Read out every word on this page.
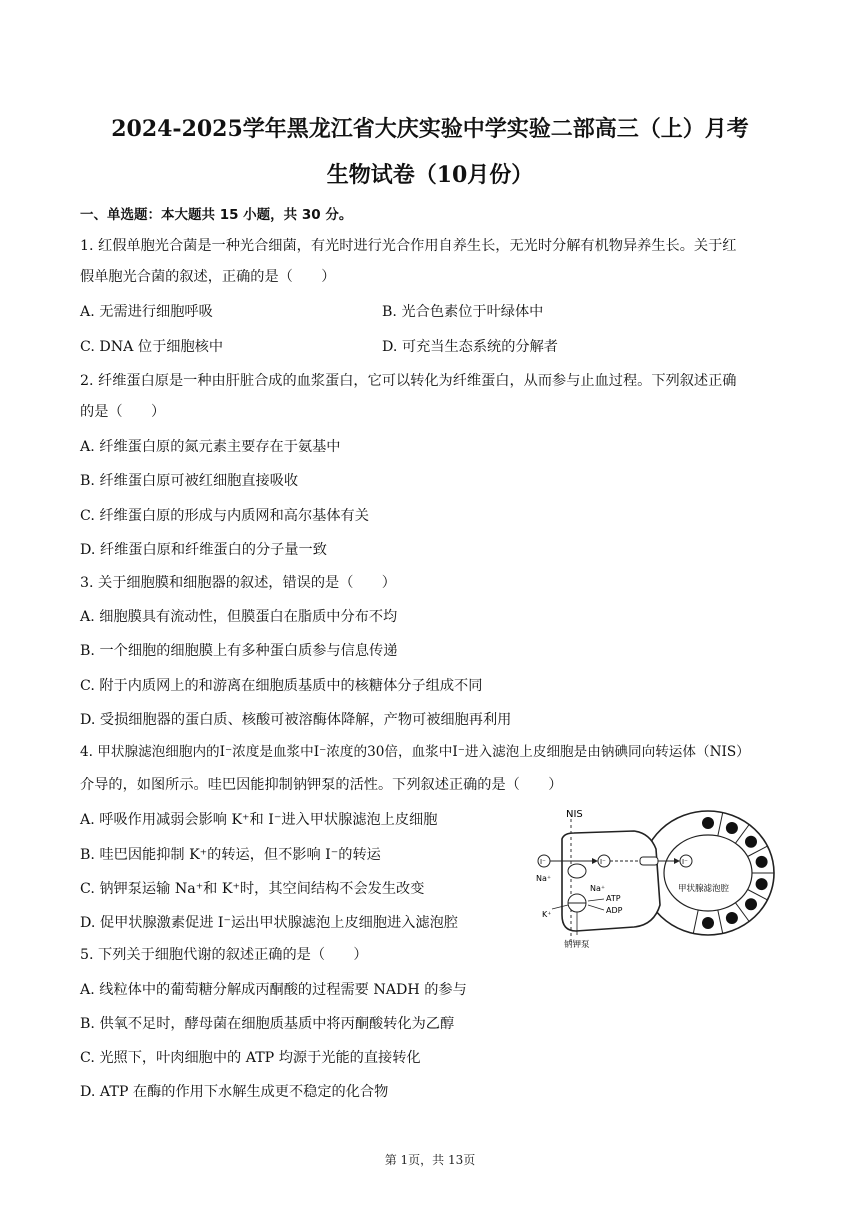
2024-2025学年黑龙江省大庆实验中学实验二部高三（上）月考
生物试卷（10月份）
一、单选题：本大题共 15 小题，共 30 分。
1. 红假单胞光合菌是一种光合细菌，有光时进行光合作用自养生长，无光时分解有机物异养生长。关于红
假单胞光合菌的叙述，正确的是（　　）
A. 无需进行细胞呼吸	B. 光合色素位于叶绿体中
C. DNA 位于细胞核中	D. 可充当生态系统的分解者
2. 纤维蛋白原是一种由肝脏合成的血浆蛋白，它可以转化为纤维蛋白，从而参与止血过程。下列叙述正确
的是（　　）
A. 纤维蛋白原的氮元素主要存在于氨基中
B. 纤维蛋白原可被红细胞直接吸收
C. 纤维蛋白原的形成与内质网和高尔基体有关
D. 纤维蛋白原和纤维蛋白的分子量一致
3. 关于细胞膜和细胞器的叙述，错误的是（　　）
A. 细胞膜具有流动性，但膜蛋白在脂质中分布不均
B. 一个细胞的细胞膜上有多种蛋白质参与信息传递
C. 附于内质网上的和游离在细胞质基质中的核糖体分子组成不同
D. 受损细胞器的蛋白质、核酸可被溶酶体降解，产物可被细胞再利用
4. 甲状腺滤泡细胞内的I⁻浓度是血浆中I⁻浓度的30倍，血浆中I⁻进入滤泡上皮细胞是由钠碘同向转运体（NIS）
介导的，如图所示。哇巴因能抑制钠钾泵的活性。下列叙述正确的是（　　）
A. 呼吸作用减弱会影响 K⁺和 I⁻进入甲状腺滤泡上皮细胞
B. 哇巴因能抑制 K⁺的转运，但不影响 I⁻的转运
C. 钠钾泵运输 Na⁺和 K⁺时，其空间结构不会发生改变
D. 促甲状腺激素促进 I⁻运出甲状腺滤泡上皮细胞进入滤泡腔
NIS
I⁻
Na⁺
I⁻	I⁻
甲状腺滤泡腔
Na⁺
ATP
ADP
K⁺
钠钾泵
5. 下列关于细胞代谢的叙述正确的是（　　）
A. 线粒体中的葡萄糖分解成丙酮酸的过程需要 NADH 的参与
B. 供氧不足时，酵母菌在细胞质基质中将丙酮酸转化为乙醇
C. 光照下，叶肉细胞中的 ATP 均源于光能的直接转化
D. ATP 在酶的作用下水解生成更不稳定的化合物
第 1页，共 13页
